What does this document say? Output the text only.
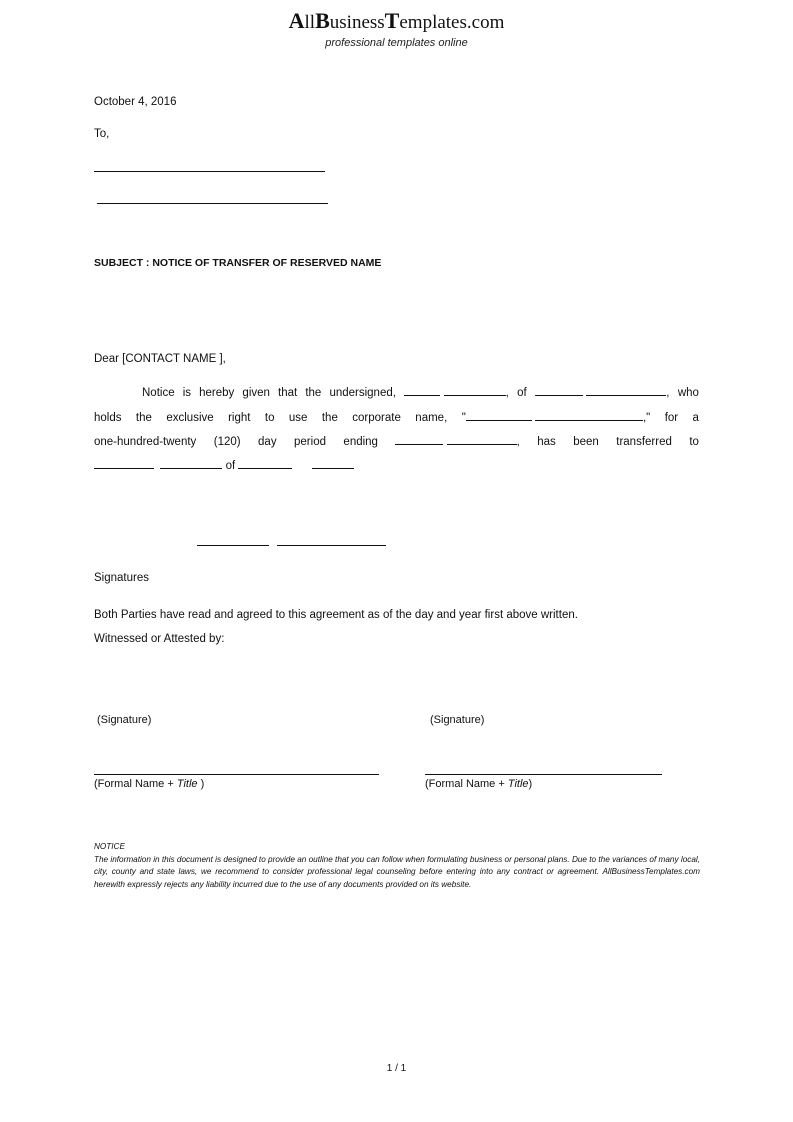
AllBusinessTemplates.com
professional templates online
October 4, 2016
To,
SUBJECT : NOTICE OF TRANSFER OF RESERVED NAME
Dear [CONTACT NAME ],
Notice is hereby given that the undersigned,	, of	, who
holds the exclusive right to use the corporate name, "	," for a
one-hundred-twenty (120) day period ending	, has been transferred to
of
Signatures
Both Parties have read and agreed to this agreement as of the day and year first above written.
Witnessed or Attested by:
(Signature)	(Signature)
(Formal Name + Title )	(Formal Name + Title)

NOTICE

The information in this document is designed to provide an outline that you can follow when formulating business or personal plans. Due to the variances of many local, city, county and state laws, we recommend to consider professional legal counseling before entering into any contract or agreement. AllBusinessTemplates.com herewith expressly rejects any liability incurred due to the use of any documents provided on its website.

1 / 1
